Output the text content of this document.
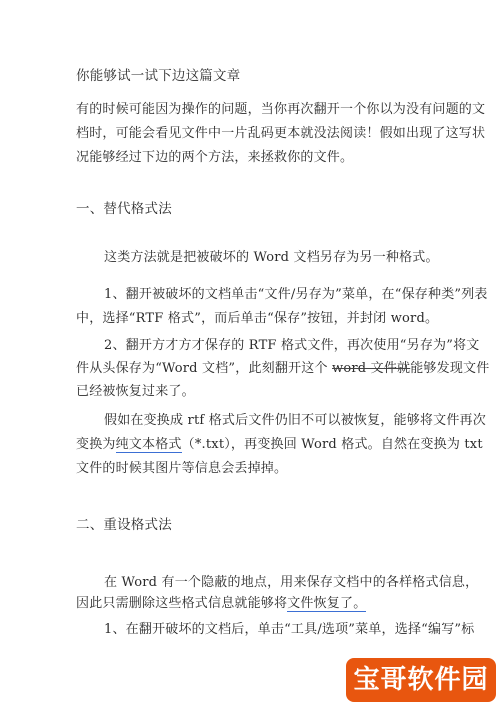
你能够试一试下边这篇文章
有的时候可能因为操作的问题，当你再次翻开一个你以为没有问题的文
档时，可能会看见文件中一片乱码更本就没法阅读！假如出现了这写状
况能够经过下边的两个方法，来拯救你的文件。
一、替代格式法
这类方法就是把被破坏的 Word 文档另存为另一种格式。
1、翻开被破坏的文档单击“文件/另存为”菜单，在“保存种类”列表
中，选择“RTF 格式”，而后单击“保存”按钮，并封闭 word。
2、翻开方才方才保存的 RTF 格式文件，再次使用“另存为”将文
件从头保存为“Word 文档”，此刻翻开这个 word 文件就能够发现文件
已经被恢复过来了。
假如在变换成 rtf 格式后文件仍旧不可以被恢复，能够将文件再次
变换为纯文本格式（*.txt），再变换回 Word 格式。自然在变换为 txt
文件的时候其图片等信息会丢掉掉。
二、重设格式法
在 Word 有一个隐蔽的地点，用来保存文档中的各样格式信息，
因此只需删除这些格式信息就能够将文件恢复了。
1、在翻开破坏的文档后，单击“工具/选项”菜单，选择“编写”标
宝哥软件园
